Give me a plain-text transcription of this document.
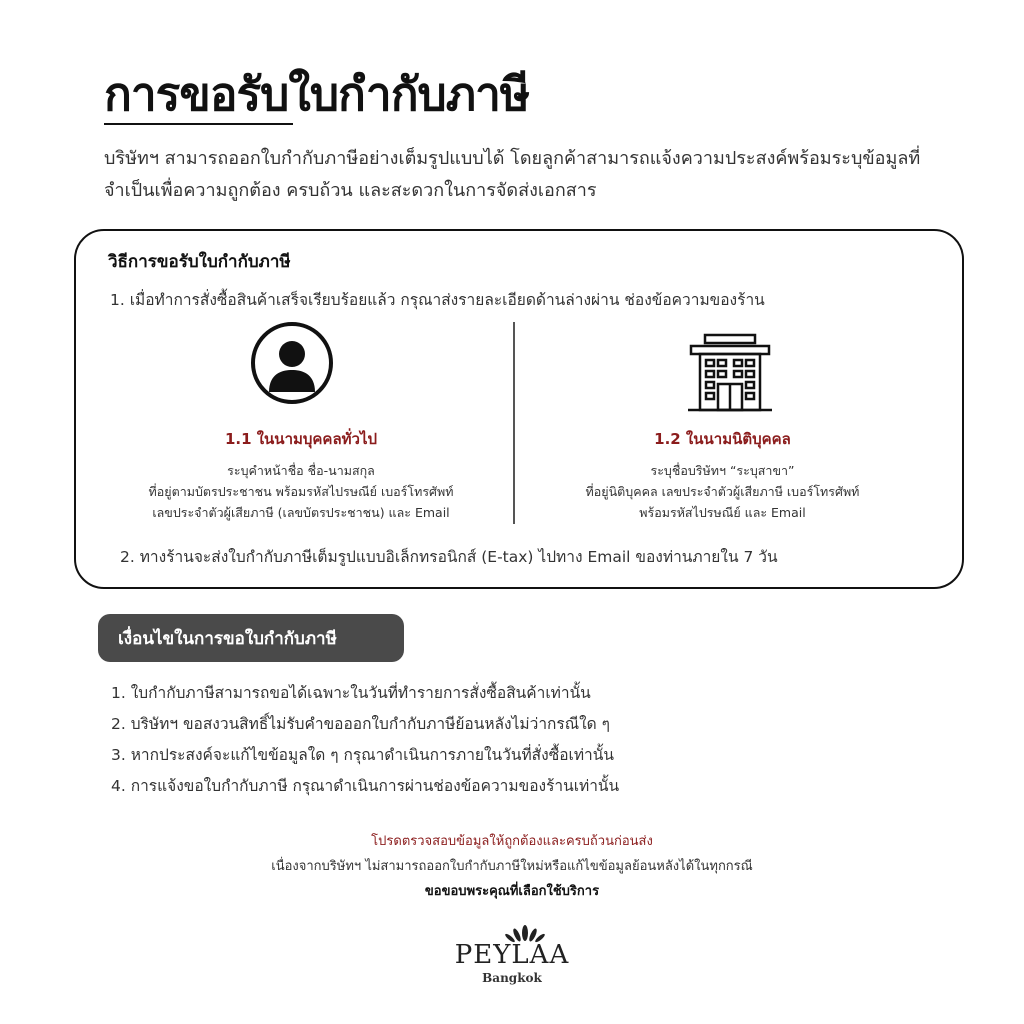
การขอรับใบกำกับภาษี

บริษัทฯ สามารถออกใบกำกับภาษีอย่างเต็มรูปแบบได้ โดยลูกค้าสามารถแจ้งความประสงค์พร้อมระบุข้อมูลที่จำเป็นเพื่อความถูกต้อง ครบถ้วน และสะดวกในการจัดส่งเอกสาร

วิธีการขอรับใบกำกับภาษี
1. เมื่อทำการสั่งซื้อสินค้าเสร็จเรียบร้อยแล้ว กรุณาส่งรายละเอียดด้านล่างผ่าน ช่องข้อความของร้าน
1.1 ในนามบุคคลทั่วไป
ระบุคำหน้าชื่อ ชื่อ-นามสกุล
ที่อยู่ตามบัตรประชาชน พร้อมรหัสไปรษณีย์ เบอร์โทรศัพท์
เลขประจำตัวผู้เสียภาษี (เลขบัตรประชาชน) และ Email
1.2 ในนามนิติบุคคล
ระบุชื่อบริษัทฯ “ระบุสาขา”
ที่อยู่นิติบุคคล เลขประจำตัวผู้เสียภาษี เบอร์โทรศัพท์
พร้อมรหัสไปรษณีย์ และ Email
2. ทางร้านจะส่งใบกำกับภาษีเต็มรูปแบบอิเล็กทรอนิกส์ (E-tax) ไปทาง Email ของท่านภายใน 7 วัน
เงื่อนไขในการขอใบกำกับภาษี
1. ใบกำกับภาษีสามารถขอได้เฉพาะในวันที่ทำรายการสั่งซื้อสินค้าเท่านั้น
2. บริษัทฯ ขอสงวนสิทธิ์ไม่รับคำขอออกใบกำกับภาษีย้อนหลังไม่ว่ากรณีใด ๆ
3. หากประสงค์จะแก้ไขข้อมูลใด ๆ กรุณาดำเนินการภายในวันที่สั่งซื้อเท่านั้น
4. การแจ้งขอใบกำกับภาษี กรุณาดำเนินการผ่านช่องข้อความของร้านเท่านั้น
โปรดตรวจสอบข้อมูลให้ถูกต้องและครบถ้วนก่อนส่ง
เนื่องจากบริษัทฯ ไม่สามารถออกใบกำกับภาษีใหม่หรือแก้ไขข้อมูลย้อนหลังได้ในทุกกรณี
ขอขอบพระคุณที่เลือกใช้บริการ
PEYLAA
Bangkok
